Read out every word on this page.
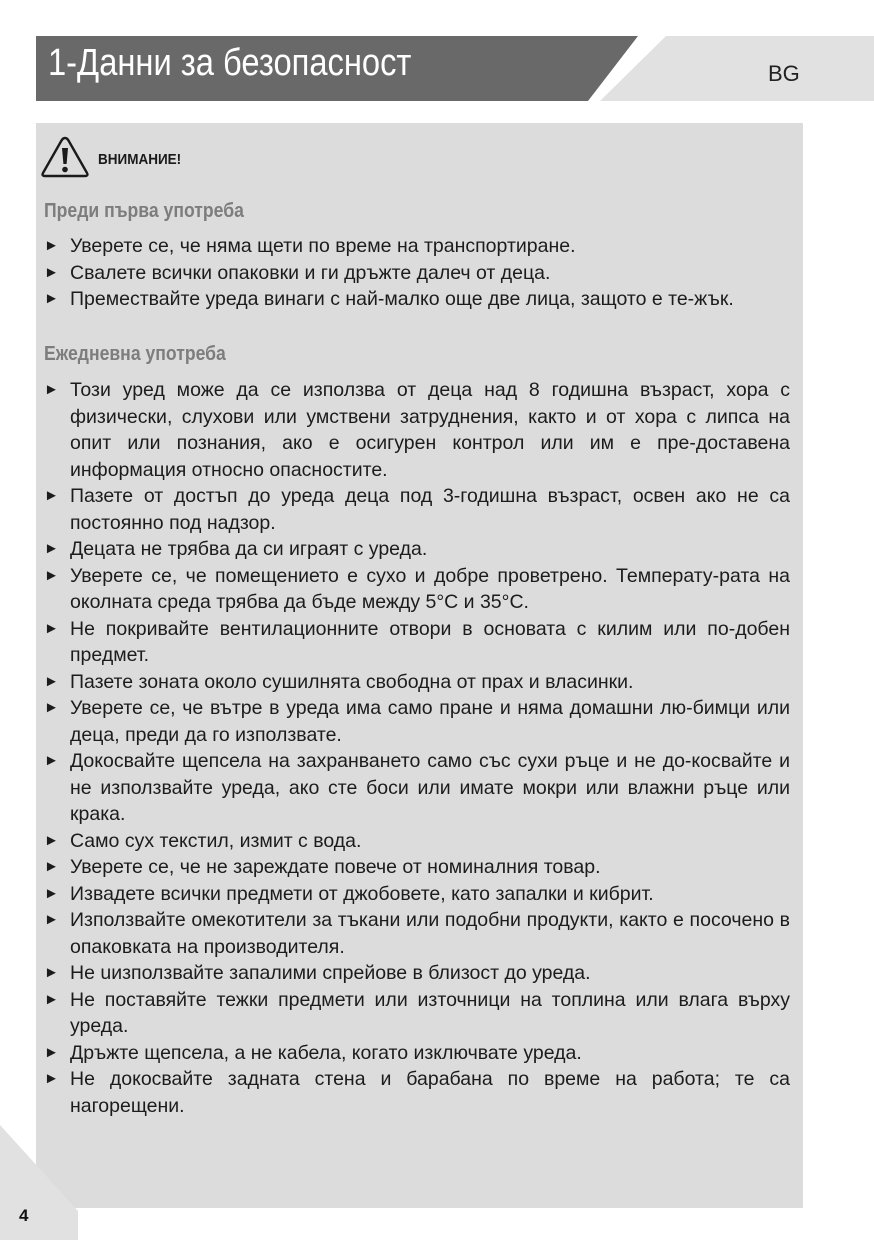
1-Данни за безопасност	BG
ВНИМАНИЕ!
Преди първа употреба
► Уверете се, че няма щети по време на транспортиране.
► Свалете всички опаковки и ги дръжте далеч от деца.
► Премествайте уреда винаги с най-малко още две лица, защото е те-жък.
Ежедневна употреба
► Този уред може да се използва от деца над 8 годишна възраст, хора с физически, слухови или умствени затруднения, както и от хора с липса на опит или познания, ако е осигурен контрол или им е пре-доставена информация относно опасностите.
► Пазете от достъп до уреда деца под 3-годишна възраст, освен ако не са постоянно под надзор.
► Децата не трябва да си играят с уреда.
► Уверете се, че помещението е сухо и добре проветрено. Температу-рата на околната среда трябва да бъде между 5°C и 35°C.
► Не покривайте вентилационните отвори в основата с килим или по-добен предмет.
► Пазете зоната около сушилнята свободна от прах и власинки.
► Уверете се, че вътре в уреда има само пране и няма домашни лю-бимци или деца, преди да го използвате.
► Докосвайте щепсела на захранването само със сухи ръце и не до-косвайте и не използвайте уреда, ако сте боси или имате мокри или влажни ръце или крака.
► Само сух текстил, измит с вода.
► Уверете се, че не зареждате повече от номиналния товар.
► Извадете всички предмети от джобовете, като запалки и кибрит.
► Използвайте омекотители за тъкани или подобни продукти, както е посочено в опаковката на производителя.
► Не uизползвайте запалими спрейове в близост до уреда.
► Не поставяйте тежки предмети или източници на топлина или влага върху уреда.
► Дръжте щепсела, а не кабела, когато изключвате уреда.
► Не докосвайте задната стена и барабана по време на работа; те са нагорещени.
4
